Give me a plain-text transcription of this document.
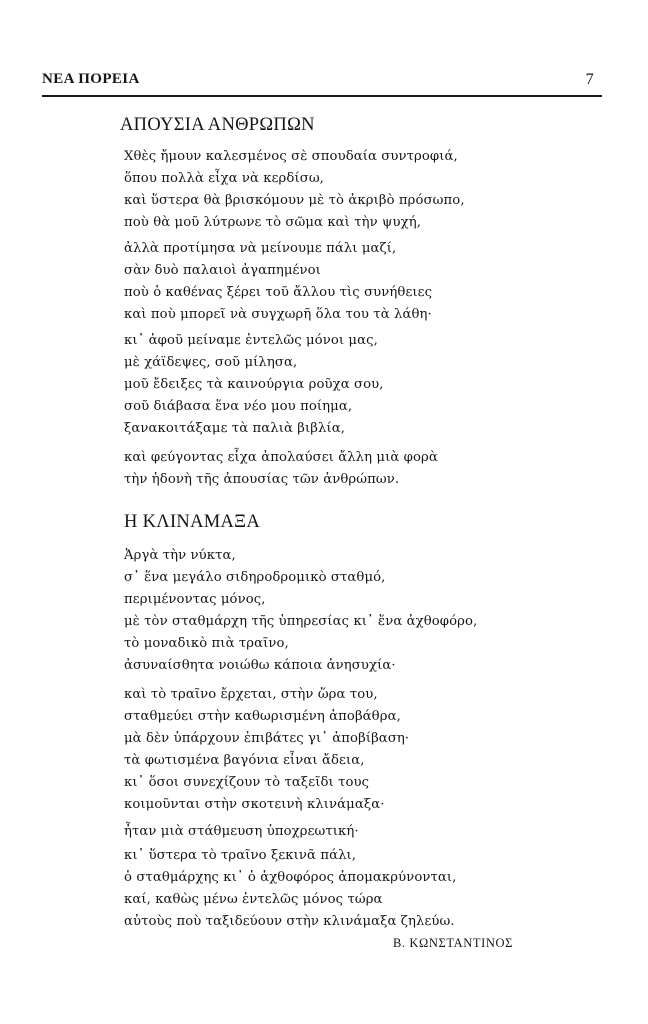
ΝΕΑ ΠΟΡΕΙΑ	7
ΑΠΟΥΣΙΑ ΑΝΘΡΩΠΩΝ
Χθὲς ἤμουν καλεσμένος σὲ σπουδαία συντροφιά,
ὅπου πολλὰ εἶχα νὰ κερδίσω,
καὶ ὕστερα θὰ βρισκόμουν μὲ τὸ ἀκριβὸ πρόσωπο,
ποὺ θὰ μοῦ λύτρωνε τὸ σῶμα καὶ τὴν ψυχή,
ἀλλὰ προτίμησα νὰ μείνουμε πάλι μαζί,
σὰν δυὸ παλαιοὶ ἀγαπημένοι
ποὺ ὁ καθένας ξέρει τοῦ ἄλλου τὶς συνήθειες
καὶ ποὺ μπορεῖ νὰ συγχωρῆ ὅλα του τὰ λάθη·
κι᾿ ἀφοῦ μείναμε ἐντελῶς μόνοι μας,
μὲ χάϊδεψες, σοῦ μίλησα,
μοῦ ἔδειξες τὰ καινούργια ροῦχα σου,
σοῦ διάβασα ἕνα νέο μου ποίημα,
ξανακοιτάξαμε τὰ παλιὰ βιβλία,
καὶ φεύγοντας εἶχα ἀπολαύσει ἄλλη μιὰ φορὰ
τὴν ἡδονὴ τῆς ἀπουσίας τῶν ἀνθρώπων.
Η ΚΛΙΝΑΜΑΞΑ
Ἀργὰ τὴν νύκτα,
σ᾿ ἕνα μεγάλο σιδηροδρομικὸ σταθμό,
περιμένοντας μόνος,
μὲ τὸν σταθμάρχη τῆς ὑπηρεσίας κι᾿ ἕνα ἀχθοφόρο,
τὸ μοναδικὸ πιὰ τραῖνο,
ἀσυναίσθητα νοιώθω κάποια ἀνησυχία·
καὶ τὸ τραῖνο ἔρχεται, στὴν ὥρα του,
σταθμεύει στὴν καθωρισμένη ἀποβάθρα,
μὰ δὲν ὑπάρχουν ἐπιβάτες γι᾿ ἀποβίβαση·
τὰ φωτισμένα βαγόνια εἶναι ἄδεια,
κι᾿ ὅσοι συνεχίζουν τὸ ταξεῖδι τους
κοιμοῦνται στὴν σκοτεινὴ κλινάμαξα·
ἦταν μιὰ στάθμευση ὑποχρεωτική·
κι᾿ ὕστερα τὸ τραῖνο ξεκινᾶ πάλι,
ὁ σταθμάρχης κι᾿ ὁ ἀχθοφόρος ἀπομακρύνονται,
καί, καθὼς μένω ἐντελῶς μόνος τώρα
αὐτοὺς ποὺ ταξιδεύουν στὴν κλινάμαξα ζηλεύω.
Β. ΚΩΝΣΤΑΝΤΙΝΟΣ
